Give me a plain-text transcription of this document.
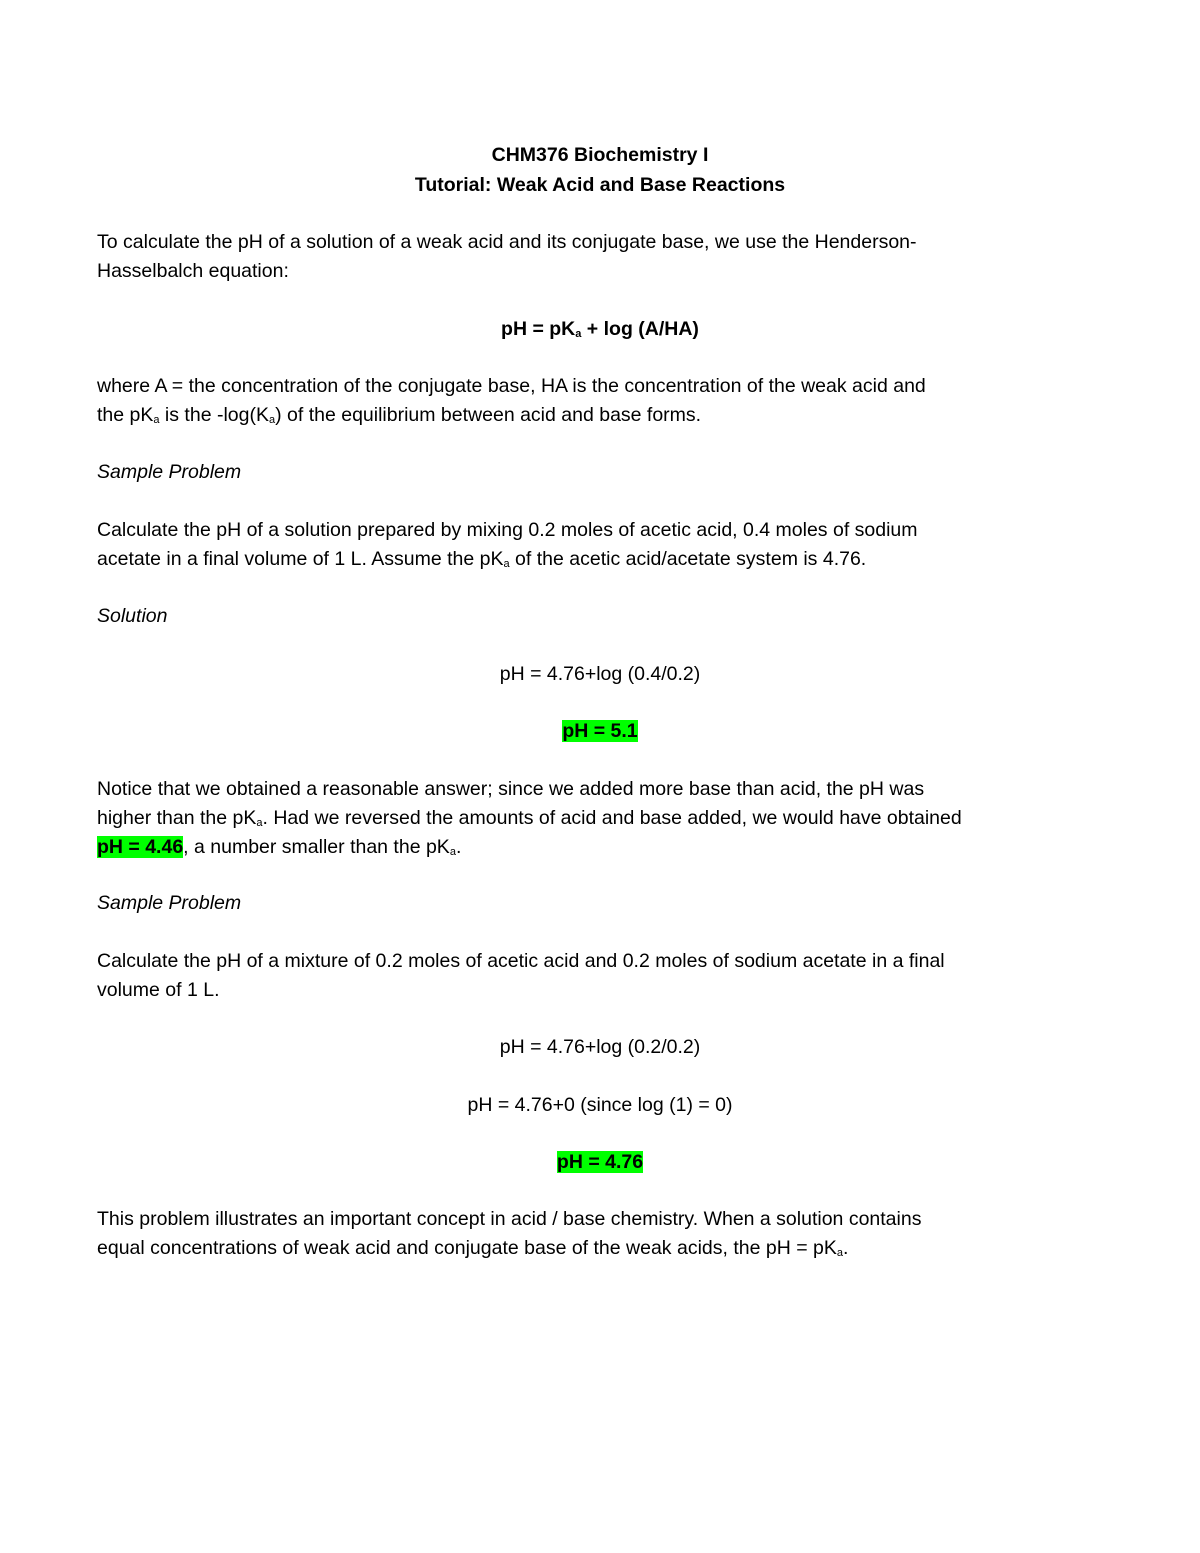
CHM376 Biochemistry I
Tutorial: Weak Acid and Base Reactions
To calculate the pH of a solution of a weak acid and its conjugate base, we use the Henderson-
Hasselbalch equation:
pH = $pK_a + \log (A/HA)$
where A = the concentration of the conjugate base, HA is the concentration of the weak acid and
the $pK_a$ is the $-\log(K_a)$ of the equilibrium between acid and base forms.
Sample Problem
Calculate the pH of a solution prepared by mixing 0.2 moles of acetic acid, 0.4 moles of sodium
acetate in a final volume of 1 L. Assume the $pK_a$ of the acetic acid/acetate system is 4.76.
Solution
pH = 4.76+log (0.4/0.2)
pH = 5.1
Notice that we obtained a reasonable answer; since we added more base than acid, the pH was
higher than the $pK_a$. Had we reversed the amounts of acid and base added, we would have obtained
pH = 4.46, a number smaller than the $pK_a$.
Sample Problem
Calculate the pH of a mixture of 0.2 moles of acetic acid and 0.2 moles of sodium acetate in a final
volume of 1 L.
pH = 4.76+log (0.2/0.2)
pH = 4.76+0 (since log (1) = 0)
pH = 4.76
This problem illustrates an important concept in acid / base chemistry. When a solution contains
equal concentrations of weak acid and conjugate base of the weak acids, the pH = $pK_a$.
